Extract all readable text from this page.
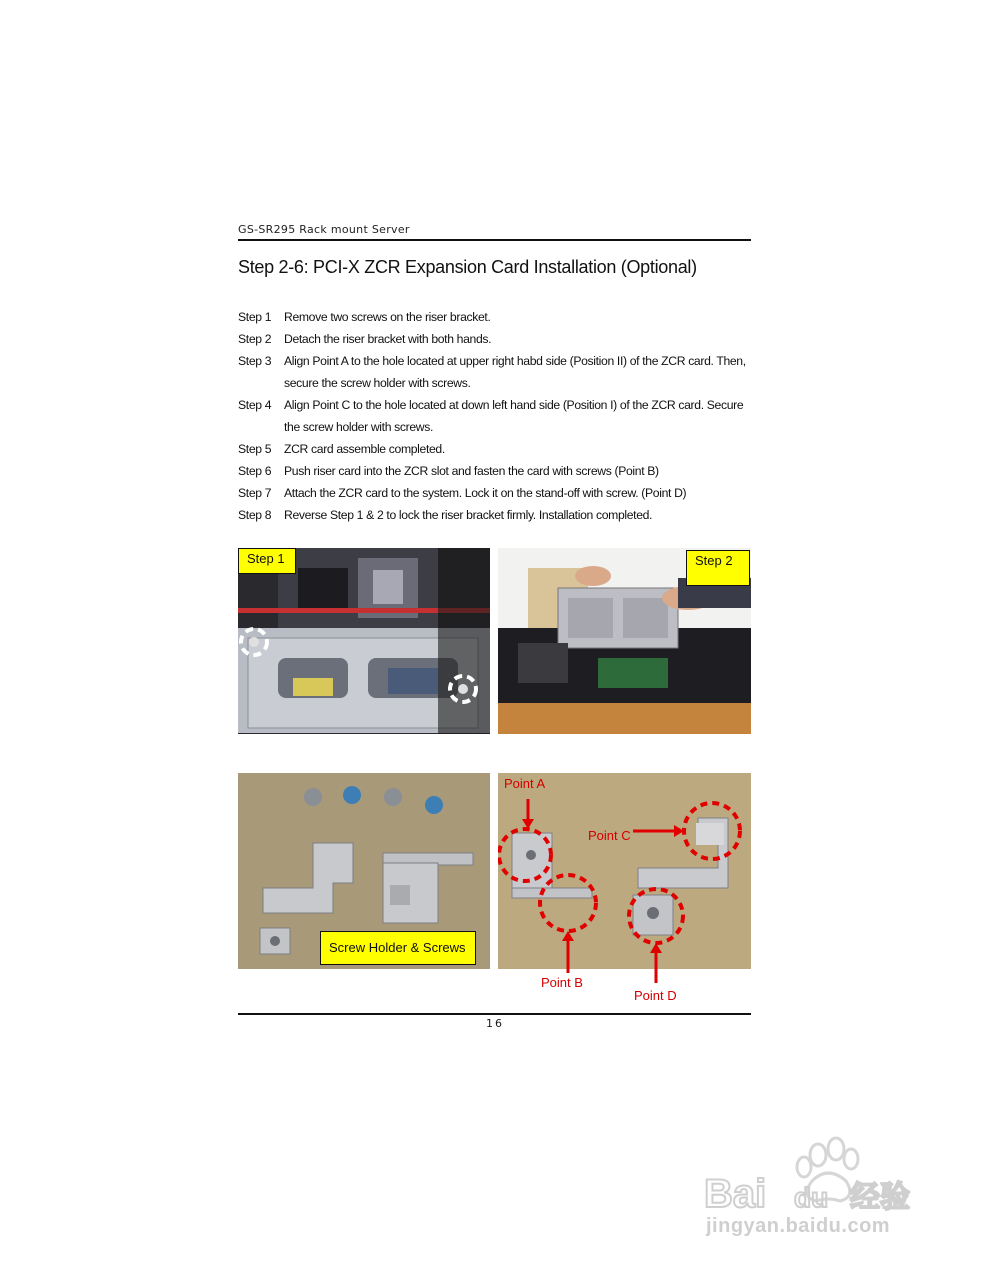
GS-SR295 Rack mount Server
Step 2-6: PCI-X ZCR Expansion Card Installation (Optional)
Step 1	Remove two screws on the riser bracket.
Step 2	Detach the riser bracket with both hands.
Step 3	Align Point A to the hole located at upper right habd side (Position II) of the ZCR card. Then, secure the screw holder with screws.
Step 4	Align Point C to the hole located at down left hand side (Position I) of the ZCR card. Secure the screw holder with screws.
Step 5	ZCR card assemble completed.
Step 6	Push riser card into the ZCR slot and fasten the card with screws (Point B)
Step 7	Attach the ZCR card to the system. Lock it on the stand-off with screw. (Point D)
Step 8	Reverse Step 1 & 2 to lock the riser bracket firmly. Installation completed.
Step 1	Step 2
Screw Holder & Screws
Point A
Point C
Point B
Point D
16
Bai du 经验
jingyan.baidu.com
